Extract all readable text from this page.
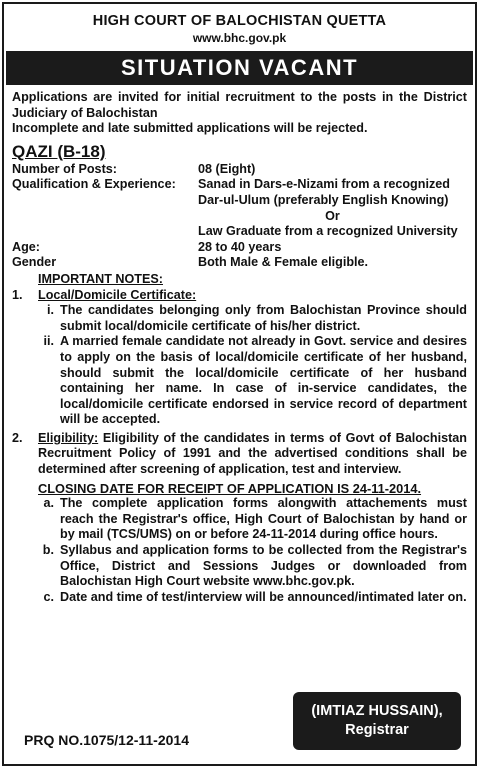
HIGH COURT OF BALOCHISTAN QUETTA
www.bhc.gov.pk
SITUATION VACANT
Applications are invited for initial recruitment to the posts in the District Judiciary of Balochistan
Incomplete and late submitted applications will be rejected.
QAZI (B-18)
Number of Posts:	08 (Eight)
Qualification & Experience:	Sanad in Dars-e-Nizami from a recognized Dar-ul-Ulum (preferably English Knowing)
Or
Law Graduate from a recognized University
Age:	28 to 40 years
Gender	Both Male & Female eligible.
IMPORTANT NOTES:
1.	Local/Domicile Certificate:
i. The candidates belonging only from Balochistan Province should submit local/domicile certificate of his/her district.
ii. A married female candidate not already in Govt. service and desires to apply on the basis of local/domicile certificate of her husband, should submit the local/domicile certificate of her husband containing her name. In case of in-service candidates, the local/domicile certificate endorsed in service record of department will be accepted.
2.	Eligibility: Eligibility of the candidates in terms of Govt of Balochistan Recruitment Policy of 1991 and the advertised conditions shall be determined after screening of application, test and interview.
CLOSING DATE FOR RECEIPT OF APPLICATION IS 24-11-2014.
a. The complete application forms alongwith attachements must reach the Registrar's office, High Court of Balochistan by hand or by mail (TCS/UMS) on or before 24-11-2014 during office hours.
b. Syllabus and application forms to be collected from the Registrar's Office, District and Sessions Judges or downloaded from Balochistan High Court website www.bhc.gov.pk.
c. Date and time of test/interview will be announced/intimated later on.
PRQ NO.1075/12-11-2014
(IMTIAZ HUSSAIN),
Registrar
